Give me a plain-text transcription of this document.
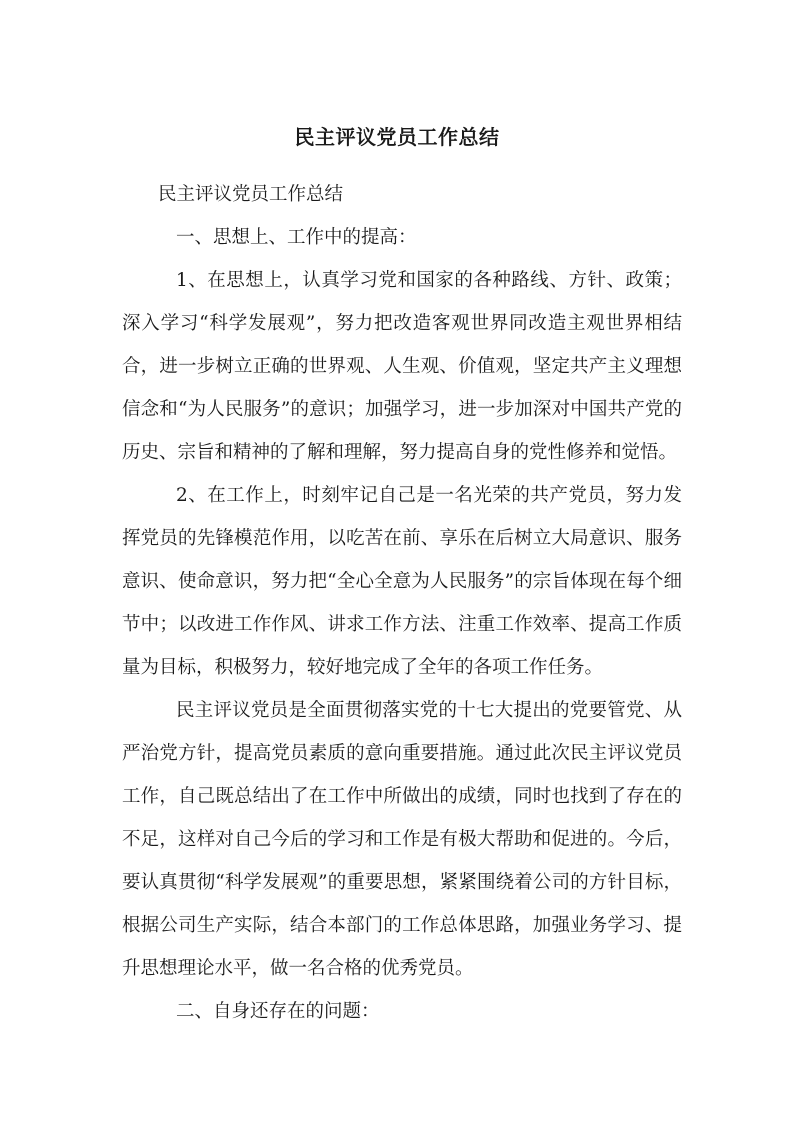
民主评议党员工作总结

民主评议党员工作总结

一、思想上、工作中的提高：

1、在思想上，认真学习党和国家的各种路线、方针、政策；深入学习“科学发展观”，努力把改造客观世界同改造主观世界相结合，进一步树立正确的世界观、人生观、价值观，坚定共产主义理想信念和“为人民服务”的意识；加强学习，进一步加深对中国共产党的历史、宗旨和精神的了解和理解，努力提高自身的党性修养和觉悟。

2、在工作上，时刻牢记自己是一名光荣的共产党员，努力发挥党员的先锋模范作用，以吃苦在前、享乐在后树立大局意识、服务意识、使命意识，努力把“全心全意为人民服务”的宗旨体现在每个细节中；以改进工作作风、讲求工作方法、注重工作效率、提高工作质量为目标，积极努力，较好地完成了全年的各项工作任务。

民主评议党员是全面贯彻落实党的十七大提出的党要管党、从严治党方针，提高党员素质的意向重要措施。通过此次民主评议党员工作，自己既总结出了在工作中所做出的成绩，同时也找到了存在的不足，这样对自己今后的学习和工作是有极大帮助和促进的。今后，要认真贯彻“科学发展观”的重要思想，紧紧围绕着公司的方针目标，根据公司生产实际，结合本部门的工作总体思路，加强业务学习、提升思想理论水平，做一名合格的优秀党员。

二、自身还存在的问题：
